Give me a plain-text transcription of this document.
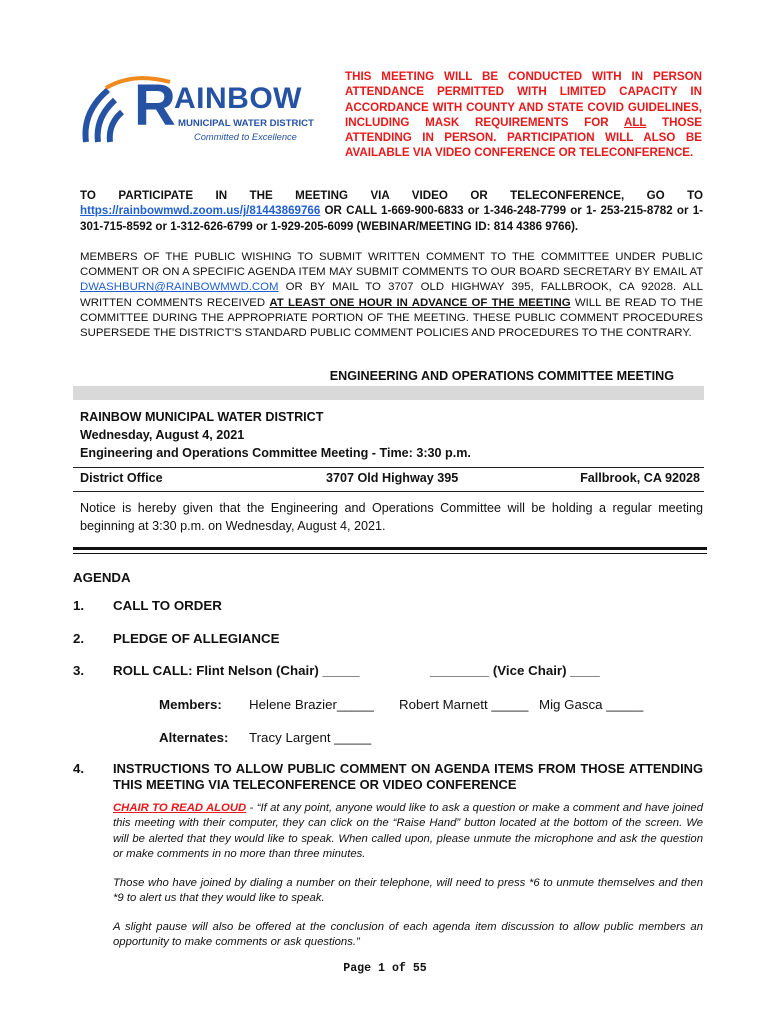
R
AINBOW
MUNICIPAL WATER DISTRICT
Committed to Excellence
THIS MEETING WILL BE CONDUCTED WITH IN PERSON ATTENDANCE PERMITTED WITH LIMITED CAPACITY IN ACCORDANCE WITH COUNTY AND STATE COVID GUIDELINES, INCLUDING MASK REQUIREMENTS FOR ALL THOSE ATTENDING IN PERSON. PARTICIPATION WILL ALSO BE AVAILABLE VIA VIDEO CONFERENCE OR TELECONFERENCE.
TO PARTICIPATE IN THE MEETING VIA VIDEO OR TELECONFERENCE, GO TO https://rainbowmwd.zoom.us/j/81443869766 OR CALL 1-669-900-6833 or 1-346-248-7799 or 1- 253-215-8782 or 1-301-715-8592 or 1-312-626-6799 or 1-929-205-6099 (WEBINAR/MEETING ID: 814 4386 9766).
MEMBERS OF THE PUBLIC WISHING TO SUBMIT WRITTEN COMMENT TO THE COMMITTEE UNDER PUBLIC COMMENT OR ON A SPECIFIC AGENDA ITEM MAY SUBMIT COMMENTS TO OUR BOARD SECRETARY BY EMAIL AT DWASHBURN@RAINBOWMWD.COM OR BY MAIL TO 3707 OLD HIGHWAY 395, FALLBROOK, CA 92028. ALL WRITTEN COMMENTS RECEIVED AT LEAST ONE HOUR IN ADVANCE OF THE MEETING WILL BE READ TO THE COMMITTEE DURING THE APPROPRIATE PORTION OF THE MEETING. THESE PUBLIC COMMENT PROCEDURES SUPERSEDE THE DISTRICT’S STANDARD PUBLIC COMMENT POLICIES AND PROCEDURES TO THE CONTRARY.
ENGINEERING AND OPERATIONS COMMITTEE MEETING
RAINBOW MUNICIPAL WATER DISTRICT
Wednesday, August 4, 2021
Engineering and Operations Committee Meeting - Time: 3:30 p.m.
District Office	3707 Old Highway 395	Fallbrook, CA 92028
Notice is hereby given that the Engineering and Operations Committee will be holding a regular meeting beginning at 3:30 p.m. on Wednesday, August 4, 2021.
AGENDA
1. CALL TO ORDER
2. PLEDGE OF ALLEGIANCE
3. ROLL CALL: Flint Nelson (Chair) _____	________ (Vice Chair) ____
Members: Helene Brazier_____ Robert Marnett _____ Mig Gasca _____
Alternates: Tracy Largent _____
4. INSTRUCTIONS TO ALLOW PUBLIC COMMENT ON AGENDA ITEMS FROM THOSE ATTENDING THIS MEETING VIA TELECONFERENCE OR VIDEO CONFERENCE
CHAIR TO READ ALOUD - “If at any point, anyone would like to ask a question or make a comment and have joined this meeting with their computer, they can click on the “Raise Hand” button located at the bottom of the screen. We will be alerted that they would like to speak. When called upon, please unmute the microphone and ask the question or make comments in no more than three minutes.
Those who have joined by dialing a number on their telephone, will need to press *6 to unmute themselves and then *9 to alert us that they would like to speak.
A slight pause will also be offered at the conclusion of each agenda item discussion to allow public members an opportunity to make comments or ask questions.”
Page 1 of 55
